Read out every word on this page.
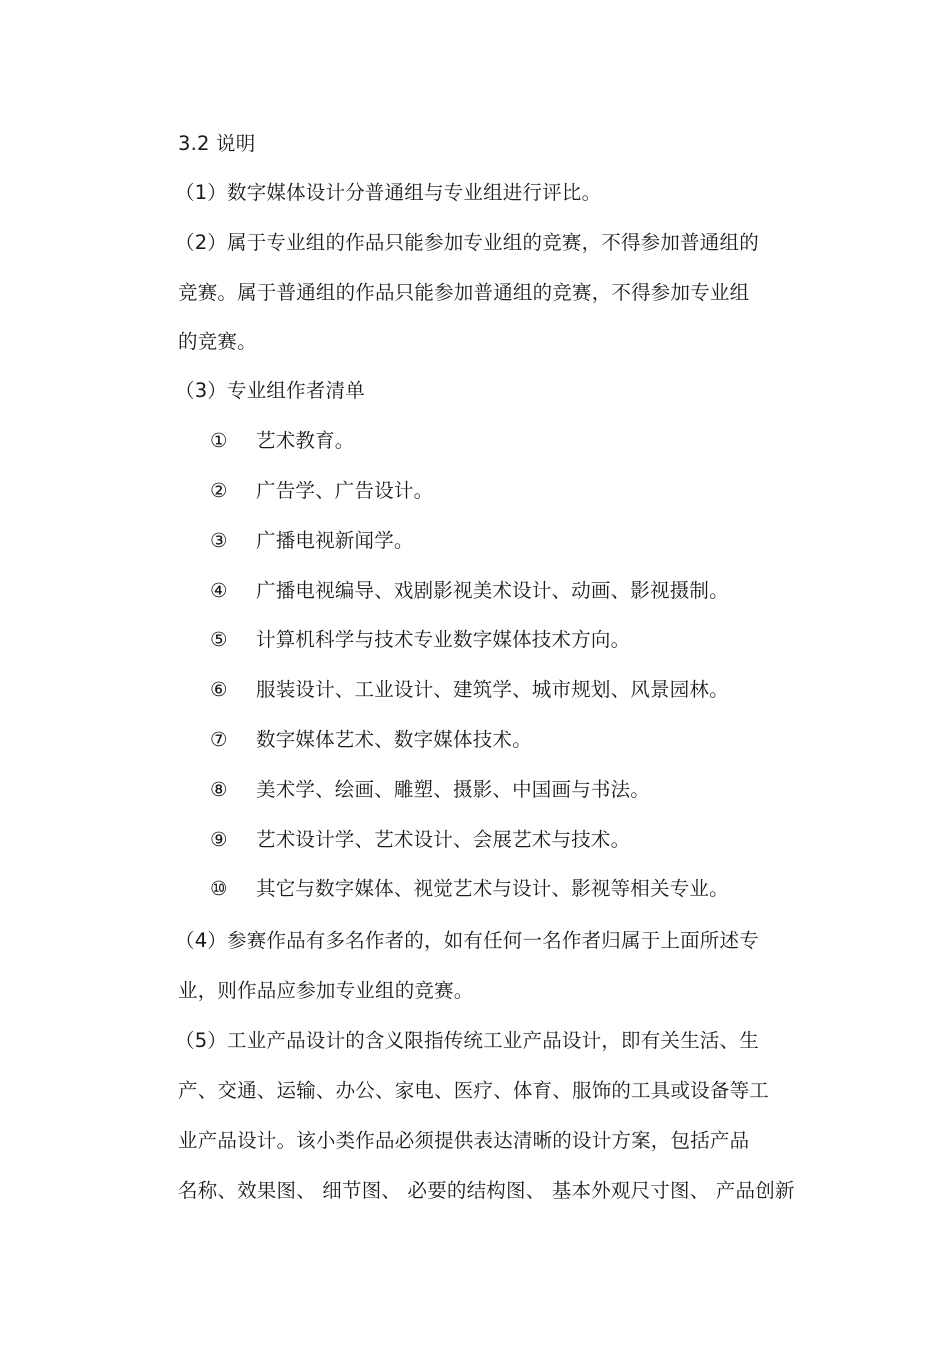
3.2 说明
（1）数字媒体设计分普通组与专业组进行评比。
（2）属于专业组的作品只能参加专业组的竞赛，不得参加普通组的
竞赛。属于普通组的作品只能参加普通组的竞赛，不得参加专业组
的竞赛。
（3）专业组作者清单
① 艺术教育。
② 广告学、广告设计。
③ 广播电视新闻学。
④ 广播电视编导、戏剧影视美术设计、动画、影视摄制。
⑤ 计算机科学与技术专业数字媒体技术方向。
⑥ 服装设计、工业设计、建筑学、城市规划、风景园林。
⑦ 数字媒体艺术、数字媒体技术。
⑧ 美术学、绘画、雕塑、摄影、中国画与书法。
⑨ 艺术设计学、艺术设计、会展艺术与技术。
⑩ 其它与数字媒体、视觉艺术与设计、影视等相关专业。
（4）参赛作品有多名作者的，如有任何一名作者归属于上面所述专
业，则作品应参加专业组的竞赛。
（5）工业产品设计的含义限指传统工业产品设计，即有关生活、生
产、交通、运输、办公、家电、医疗、体育、服饰的工具或设备等工
业产品设计。该小类作品必须提供表达清晰的设计方案，包括产品
名称、效果图、 细节图、 必要的结构图、 基本外观尺寸图、 产品创新
